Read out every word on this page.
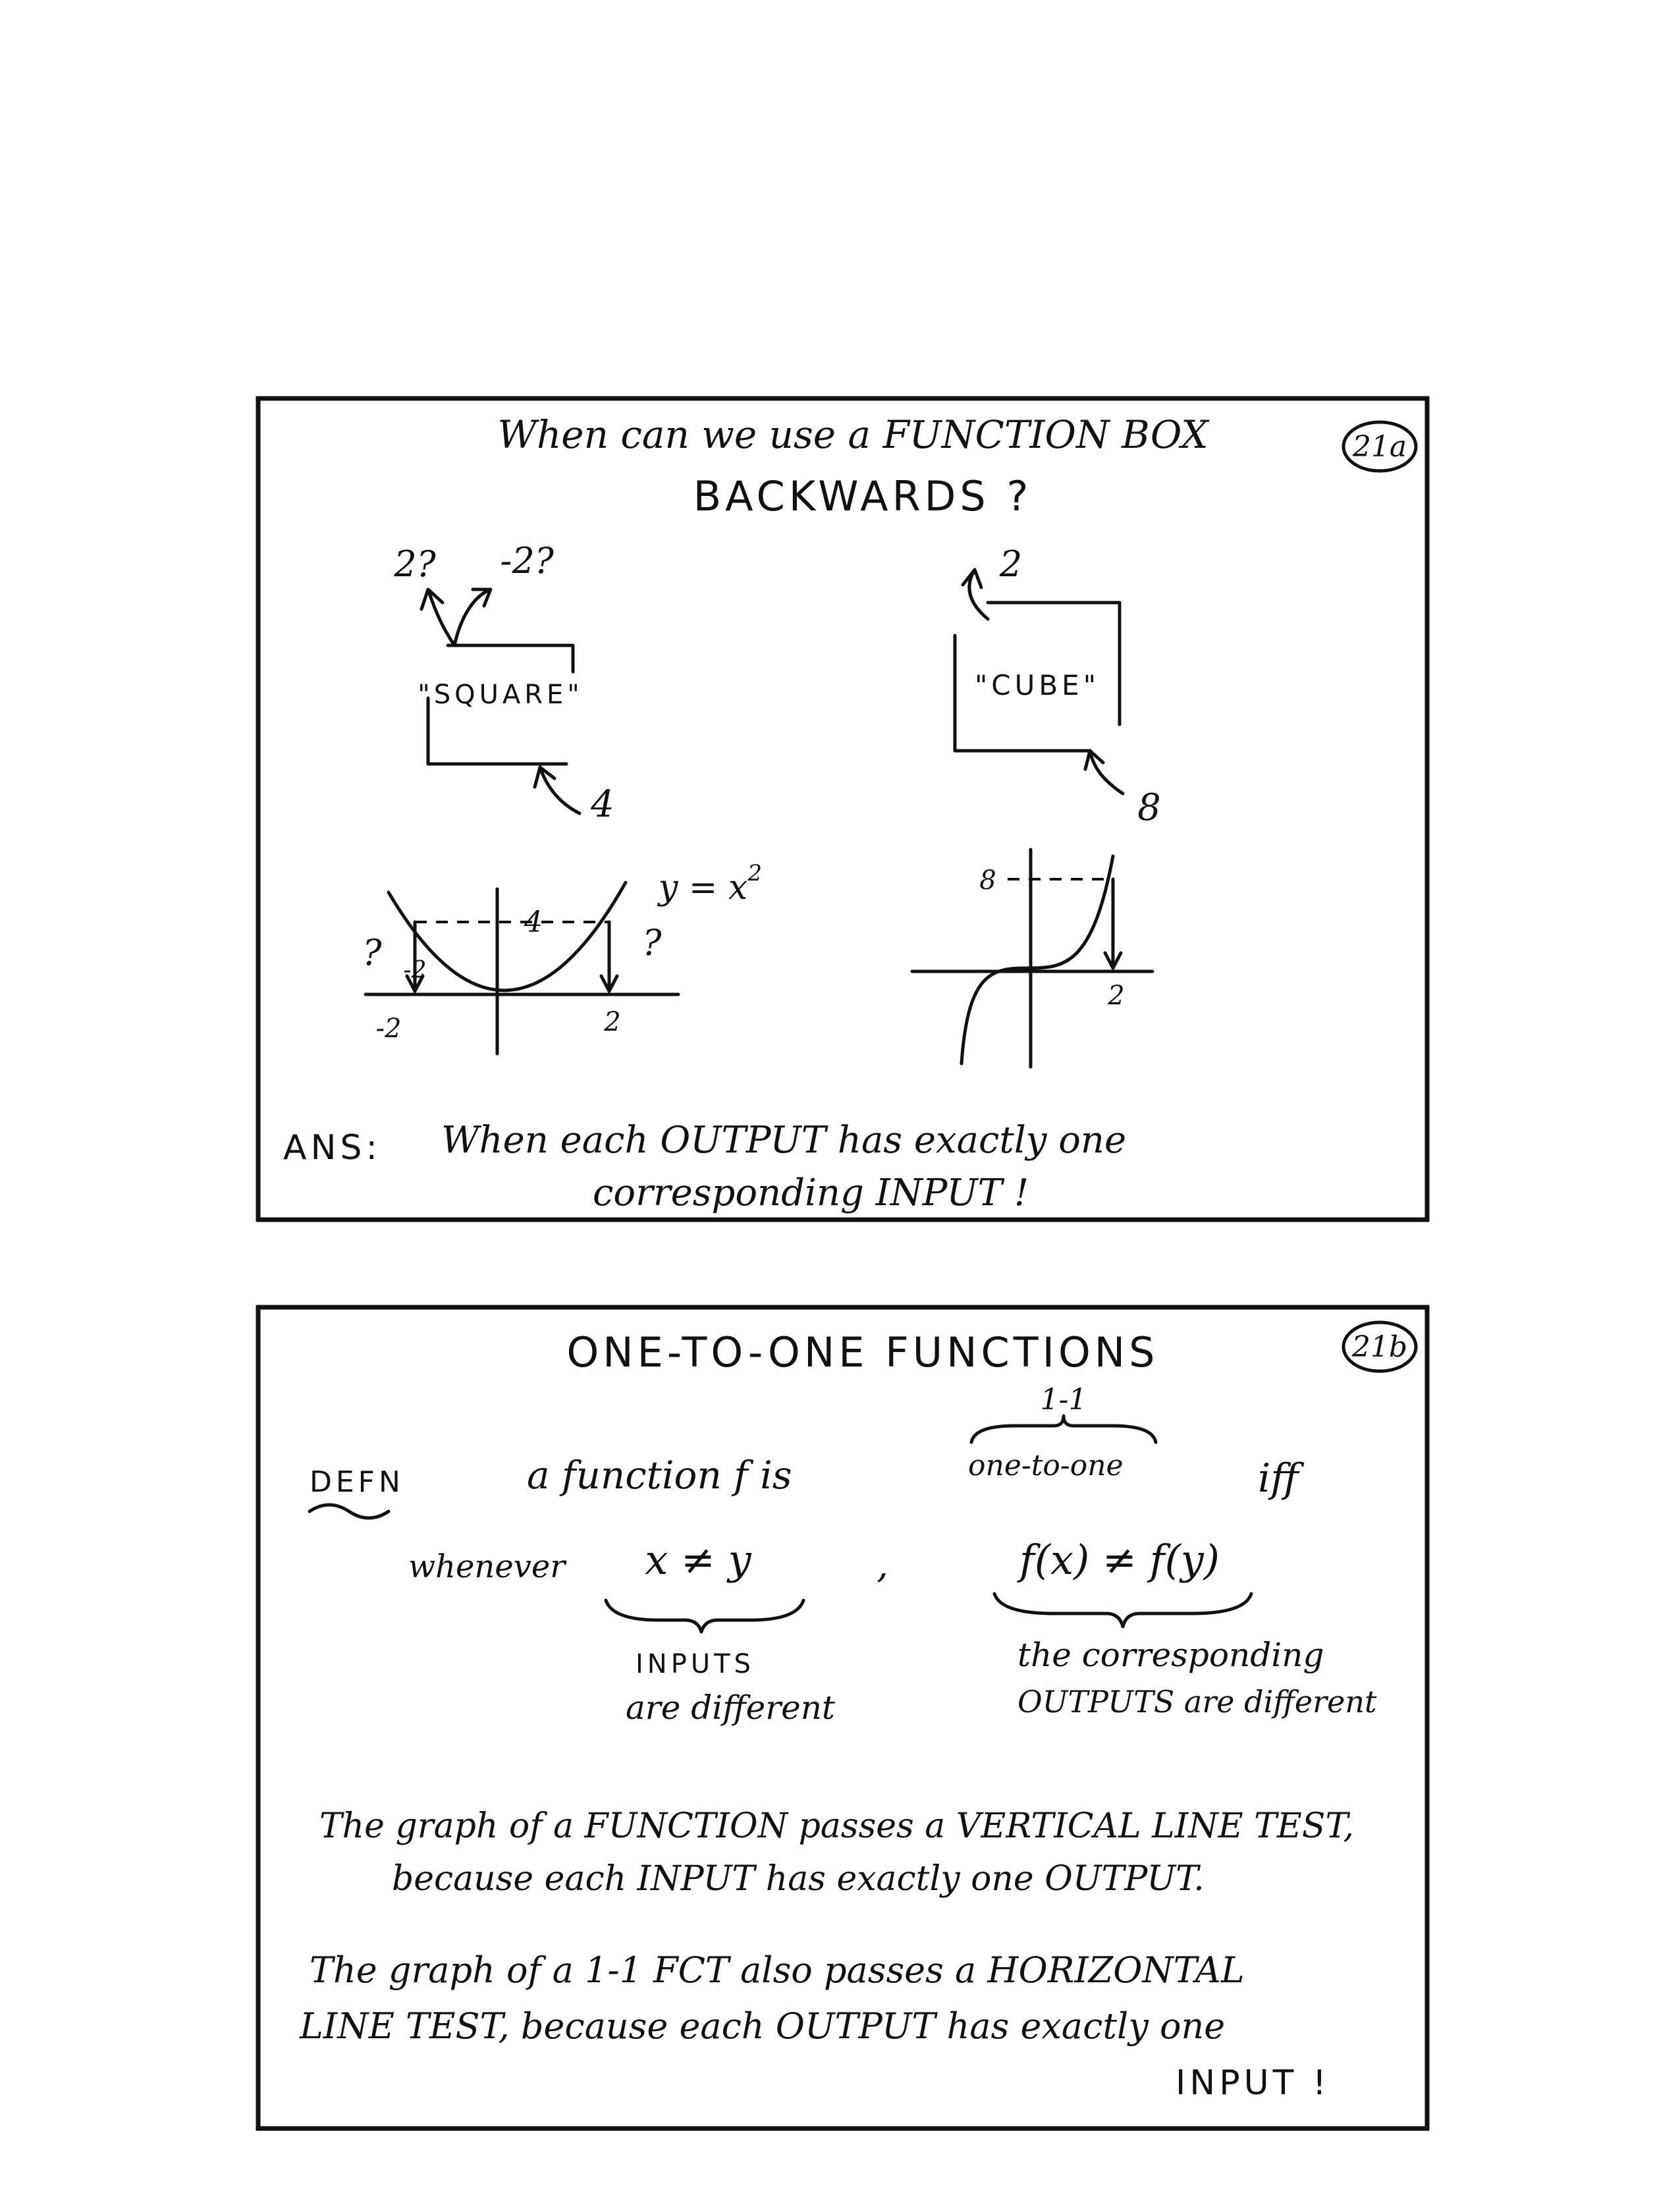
21a
When can we use a FUNCTION BOX
BACKWARDS ?
"SQUARE"
2? -2?
4
"CUBE"
2
8
4
?	?
-2
-2	2
$y = x^2$	8
2
ANS: When each OUTPUT has exactly one
corresponding INPUT !
21b
ONE-TO-ONE FUNCTIONS
1-1
DEFN	a function f is	one-to-one	iff
whenever x ≠ y	,	f(x) ≠ f(y)
INPUTS
are different
the corresponding
OUTPUTS are different
The graph of a FUNCTION passes a VERTICAL LINE TEST,
because each INPUT has exactly one OUTPUT.
The graph of a 1-1 FCT also passes a HORIZONTAL
LINE TEST, because each OUTPUT has exactly one
INPUT !
